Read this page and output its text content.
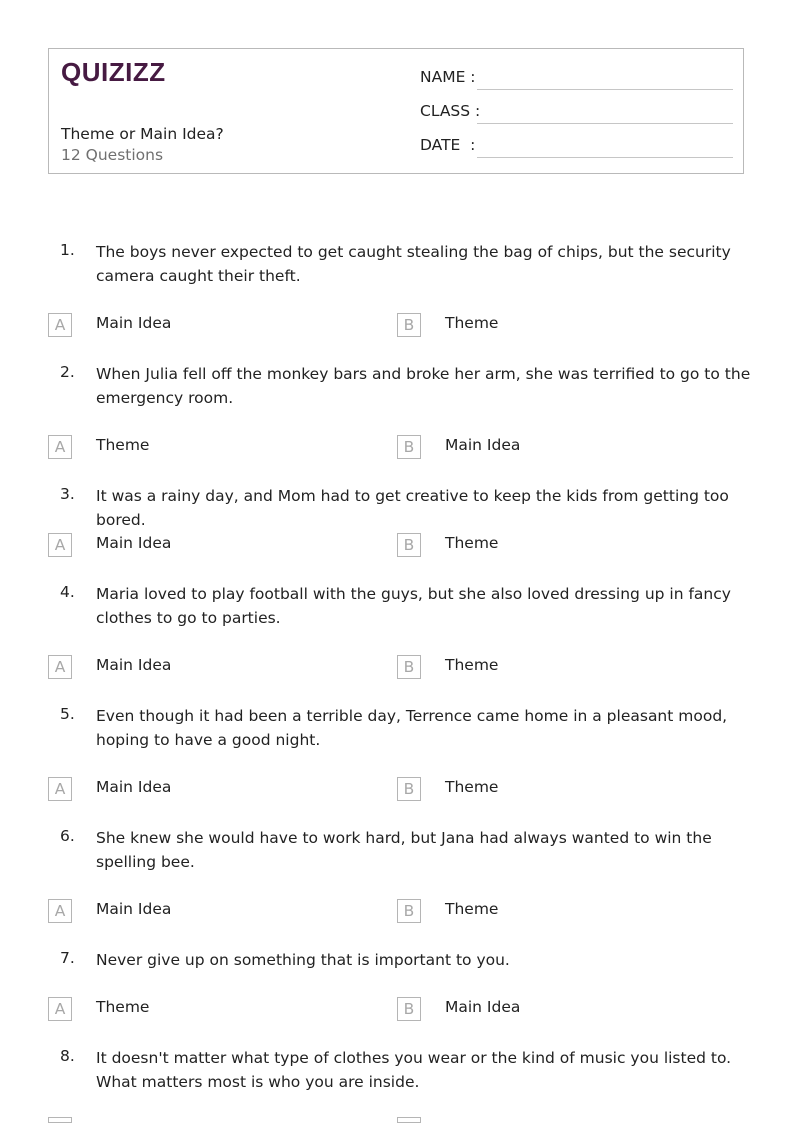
QUIZIZZ
Theme or Main Idea?
12 Questions
NAME :
CLASS :
DATE  :
1. The boys never expected to get caught stealing the bag of chips, but the security camera caught their theft.
A	Main Idea	B	Theme
2. When Julia fell off the monkey bars and broke her arm, she was terrified to go to the emergency room.
A	Theme	B	Main Idea
3. It was a rainy day, and Mom had to get creative to keep the kids from getting too bored.
A	Main Idea	B	Theme
4. Maria loved to play football with the guys, but she also loved dressing up in fancy clothes to go to parties.
A	Main Idea	B	Theme
5. Even though it had been a terrible day, Terrence came home in a pleasant mood, hoping to have a good night.
A	Main Idea	B	Theme
6. She knew she would have to work hard, but Jana had always wanted to win the spelling bee.
A	Main Idea	B	Theme
7. Never give up on something that is important to you.
A	Theme	B	Main Idea
8. It doesn't matter what type of clothes you wear or the kind of music you listed to. What matters most is who you are inside.
